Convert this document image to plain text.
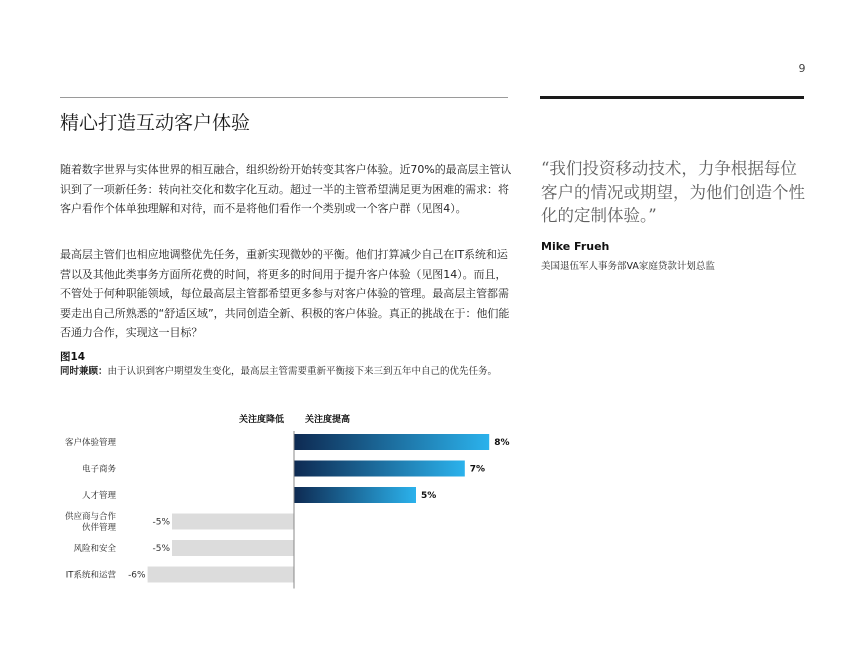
9
精心打造互动客户体验

随着数字世界与实体世界的相互融合，组织纷纷开始转变其客户体验。近70%的最高层主管认识到了一项新任务：转向社交化和数字化互动。超过一半的主管希望满足更为困难的需求：将客户看作个体单独理解和对待，而不是将他们看作一个类别或一个客户群（见图4）。

最高层主管们也相应地调整优先任务，重新实现微妙的平衡。他们打算减少自己在IT系统和运营以及其他此类事务方面所花费的时间，将更多的时间用于提升客户体验（见图14）。而且，不管处于何种职能领域，每位最高层主管都希望更多参与对客户体验的管理。最高层主管都需要走出自己所熟悉的“舒适区域”，共同创造全新、积极的客户体验。真正的挑战在于：他们能否通力合作，实现这一目标？

图14

同时兼顾：由于认识到客户期望发生变化，最高层主管需要重新平衡接下来三到五年中自己的优先任务。

“我们投资移动技术，力争根据每位客户的情况或期望，为他们创造个性化的定制体验。”

Mike Frueh
美国退伍军人事务部VA家庭贷款计划总监
关注度降低 关注度提高
8%
客户体验管理
7%
电子商务
5%
人才管理
-5%
供应商与合作伙伴管理
-5%
风险和安全
-6%
IT系统和运营
